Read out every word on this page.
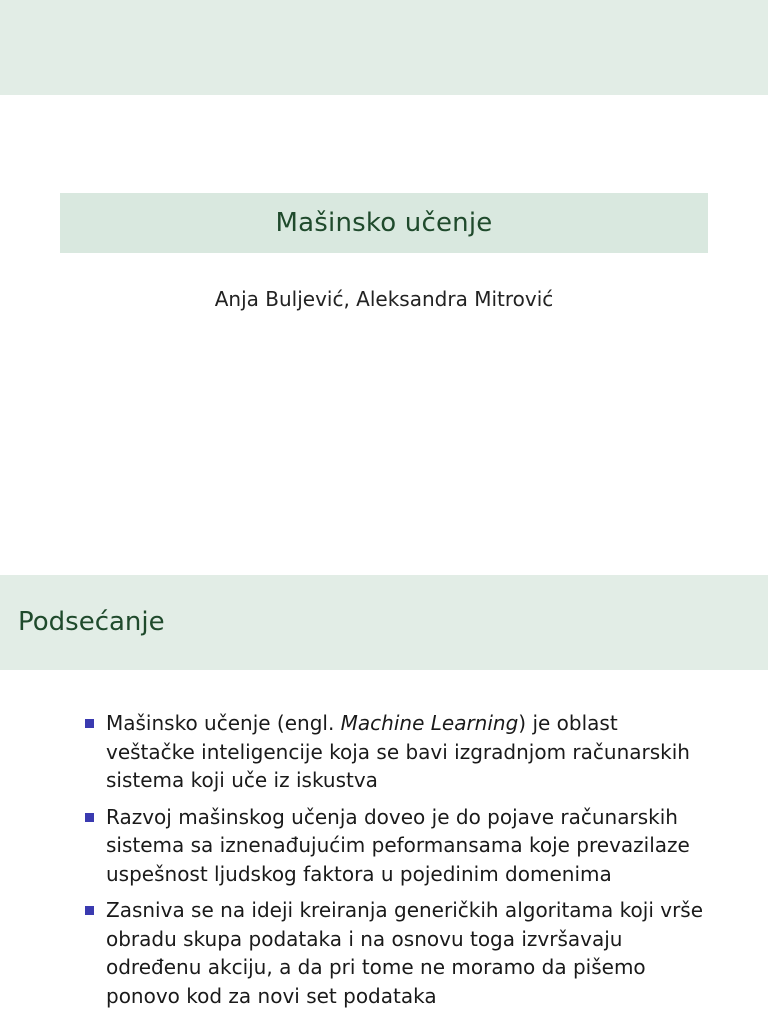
Mašinsko učenje
Anja Buljević, Aleksandra Mitrović
Podsećanje
Mašinsko učenje (engl. Machine Learning) je oblast veštačke inteligencije koja se bavi izgradnjom računarskih sistema koji uče iz iskustva
Razvoj mašinskog učenja doveo je do pojave računarskih sistema sa iznenađujućim peformansama koje prevazilaze uspešnost ljudskog faktora u pojedinim domenima
Zasniva se na ideji kreiranja generičkih algoritama koji vrše obradu skupa podataka i na osnovu toga izvršavaju određenu akciju, a da pri tome ne moramo da pišemo ponovo kod za novi set podataka
